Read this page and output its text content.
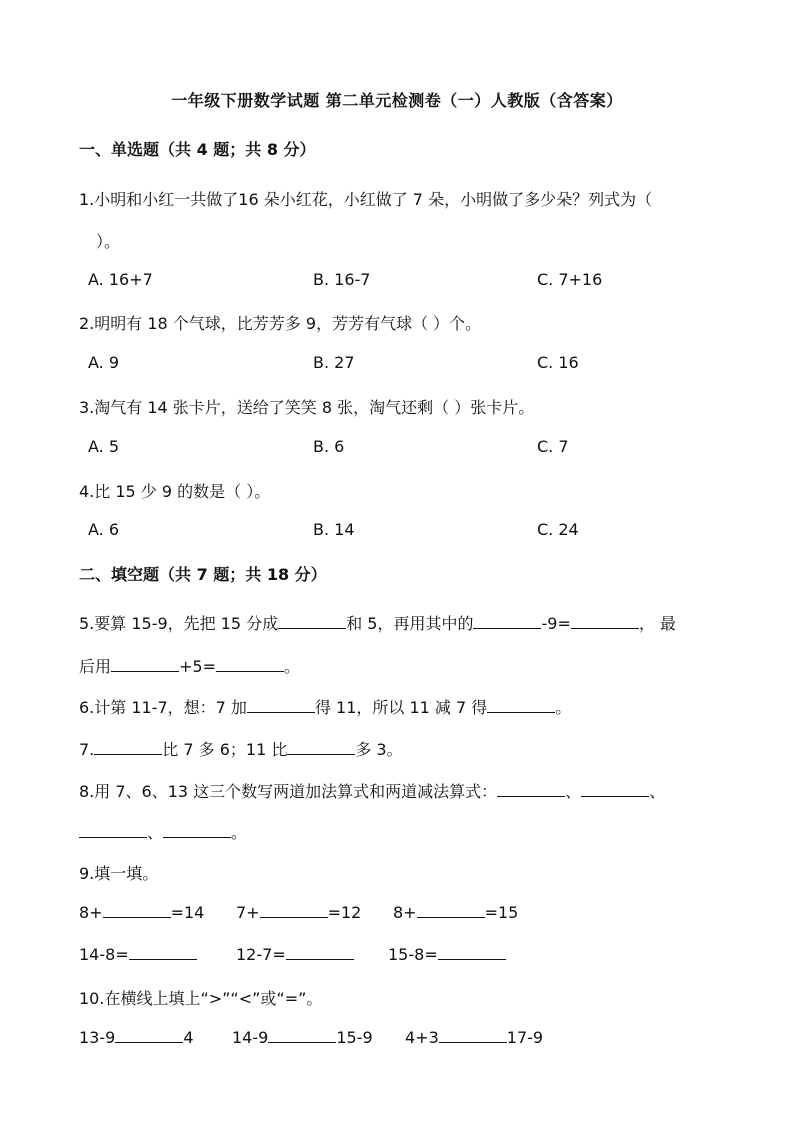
一年级下册数学试题 第二单元检测卷（一）人教版（含答案）
一、单选题（共 4 题；共 8 分）
1.小明和小红一共做了16 朵小红花，小红做了 7 朵，小明做了多少朵？列式为（
）。
A. 16+7	B. 16-7	C. 7+16
2.明明有 18 个气球，比芳芳多 9，芳芳有气球（ ）个。
A. 9	B. 27	C. 16
3.淘气有 14 张卡片，送给了笑笑 8 张，淘气还剩（ ）张卡片。
A. 5	B. 6	C. 7
4.比 15 少 9 的数是（ ）。
A. 6	B. 14	C. 24
二、填空题（共 7 题；共 18 分）
5.要算 15-9，先把 15 分成	和 5，再用其中的	-9=	， 最
后用	+5=	。
6.计第 11-7，想：7 加	得 11，所以 11 减 7 得	。
7.	比 7 多 6；11 比	多 3。
8.用 7、6、13 这三个数写两道加法算式和两道减法算式：	、	、
、	。
9.填一填。
8+	=14 7+	=12 8+	=15
14-8=	12-7=	15-8=
10.在横线上填上“>”“<”或“=”。
13-9	4 14-9	15-9 4+3	17-9
